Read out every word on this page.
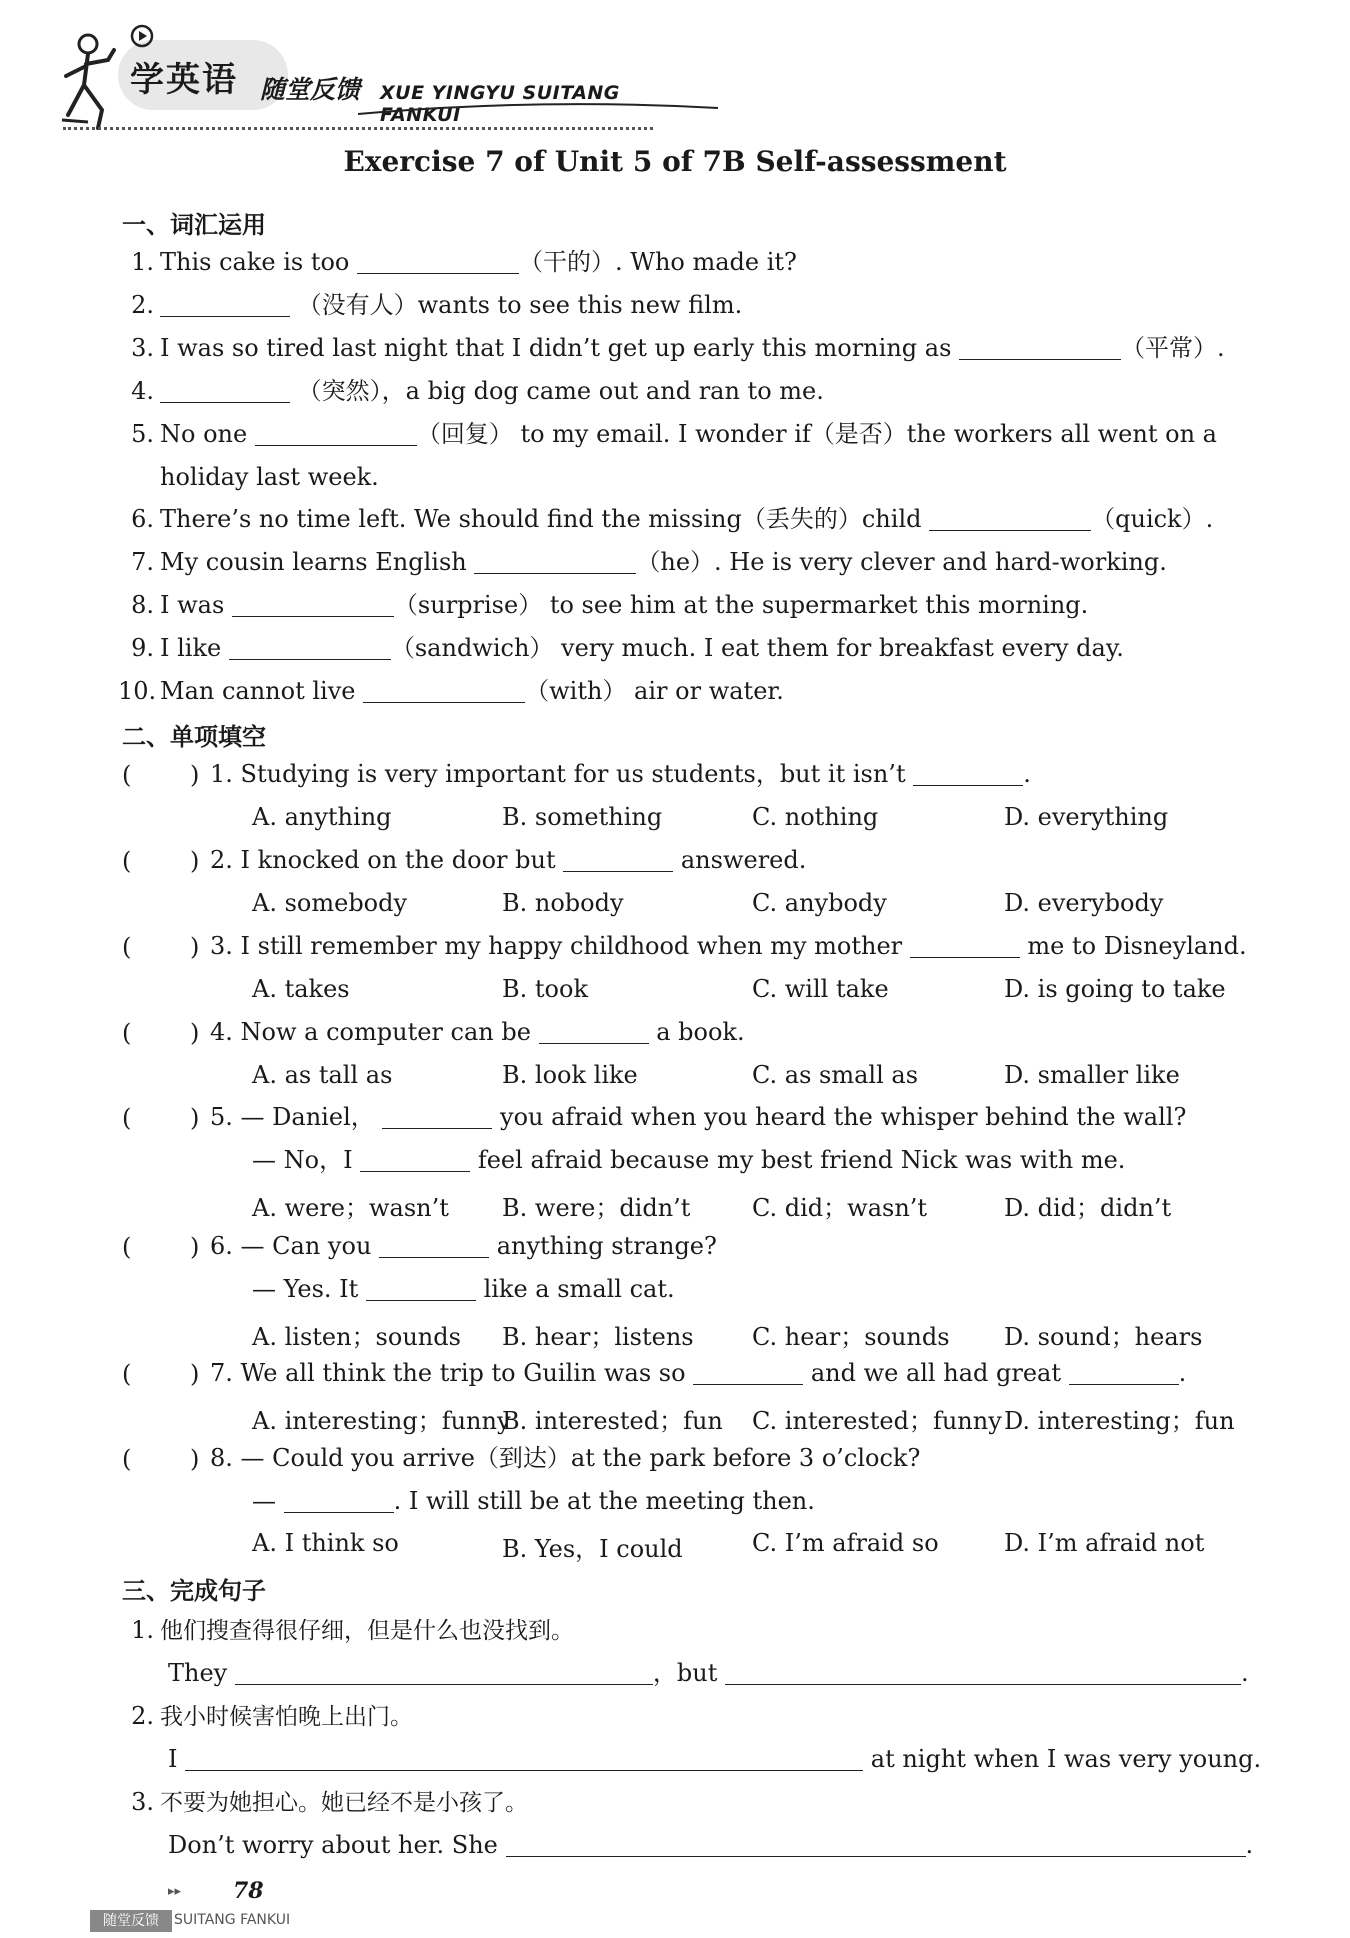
学英语 随堂反馈 XUE YINGYU SUITANG FANKUI
Exercise 7 of Unit 5 of 7B Self-assessment
一、词汇运用
1. This cake is too	（干的）. Who made it?
2.	（没有人）wants to see this new film.
3. I was so tired last night that I didn’t get up early this morning as	（平常）.
4.	（突然），a big dog came out and ran to me.
5. No one	（回复） to my email. I wonder if（是否）the workers all went on a
holiday last week.
6. There’s no time left. We should find the missing（丢失的）child	（quick）.
7. My cousin learns English	（he）. He is very clever and hard-working.
8. I was	（surprise） to see him at the supermarket this morning.
9. I like	（sandwich） very much. I eat them for breakfast every day.
10. Man cannot live	（with） air or water.
二、单项填空
( ) 1. Studying is very important for us students，but it isn’t	.
A. anything	B. something	C. nothing	D. everything
( ) 2. I knocked on the door but	answered.
A. somebody	B. nobody	C. anybody	D. everybody
( ) 3. I still remember my happy childhood when my mother	me to Disneyland.
A. takes	B. took	C. will take	D. is going to take
( ) 4. Now a computer can be	a book.
A. as tall as	B. look like	C. as small as	D. smaller like
( ) 5. — Daniel，	you afraid when you heard the whisper behind the wall?
— No，I	feel afraid because my best friend Nick was with me.
A. were；wasn’t B. were；didn’t	C. did；wasn’t	D. did；didn’t
( ) 6. — Can you	anything strange?
— Yes. It	like a small cat.
A. listen；sounds B. hear；listens C. hear；sounds D. sound；hears
( ) 7. We all think the trip to Guilin was so	and we all had great	.
A. interesting；funny
B. interested；fun C. interested；funny D. interesting；fun
( ) 8. — Could you arrive（到达）at the park before 3 o’clock?
—	. I will still be at the meeting then.
A. I think so	B. Yes，I could	C. I’m afraid so	D. I’m afraid not
三、完成句子
1. 他们搜查得很仔细，但是什么也没找到。
They	，but	.
2. 我小时候害怕晚上出门。
I	at night when I was very young.
3. 不要为她担心。她已经不是小孩了。
Don’t worry about her. She	.
▸▸ 78
随堂反馈	SUITANG FANKUI
